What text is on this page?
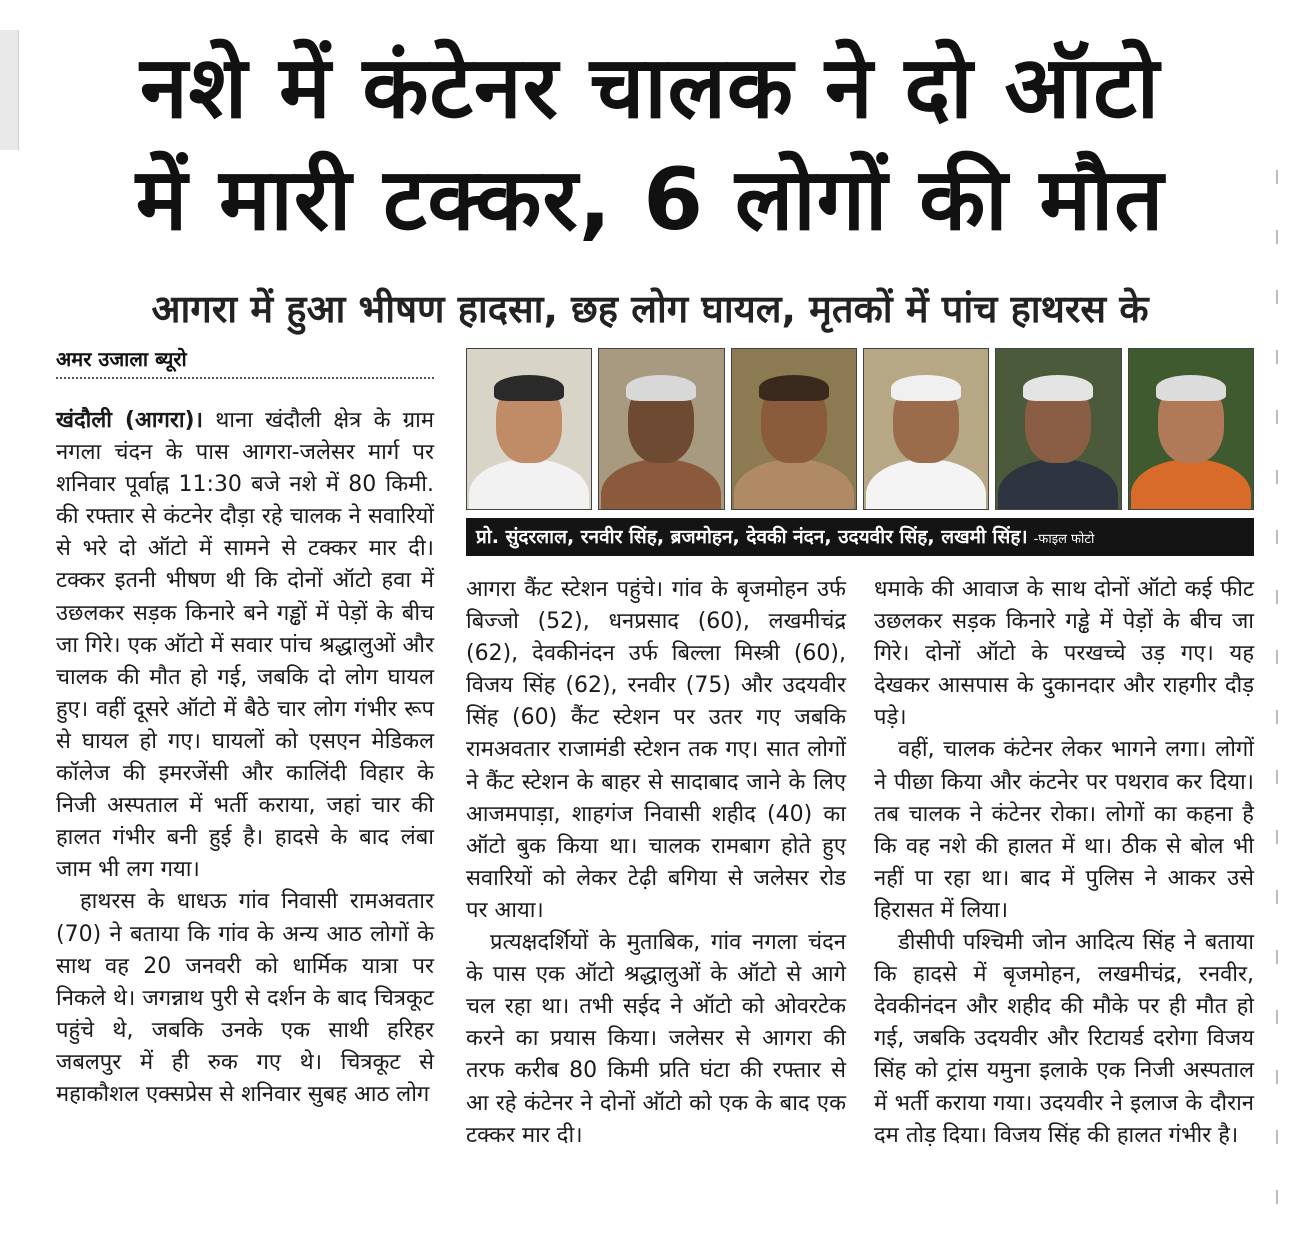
नशे में कंटेनर चालक ने दो ऑटो
में मारी टक्कर, 6 लोगों की मौत
आगरा में हुआ भीषण हादसा, छह लोग घायल, मृतकों में पांच हाथरस के
अमर उजाला ब्यूरो
प्रो. सुंदरलाल, रनवीर सिंह, ब्रजमोहन, देवकी नंदन, उदयवीर सिंह, लखमी सिंह। -फाइल फोटो

खंदौली (आगरा)। थाना खंदौली क्षेत्र के ग्राम नगला चंदन के पास आगरा-जलेसर मार्ग पर शनिवार पूर्वाह्न 11:30 बजे नशे में 80 किमी. की रफ्तार से कंटनेर दौड़ा रहे चालक ने सवारियों से भरे दो ऑटो में सामने से टक्कर मार दी। टक्कर इतनी भीषण थी कि दोनों ऑटो हवा में उछलकर सड़क किनारे बने गड्ढों में पेड़ों के बीच जा गिरे। एक ऑटो में सवार पांच श्रद्धालुओं और चालक की मौत हो गई, जबकि दो लोग घायल हुए। वहीं दूसरे ऑटो में बैठे चार लोग गंभीर रूप से घायल हो गए। घायलों को एसएन मेडिकल कॉलेज की इमरजेंसी और कालिंदी विहार के निजी अस्पताल में भर्ती कराया, जहां चार की हालत गंभीर बनी हुई है। हादसे के बाद लंबा जाम भी लग गया।

हाथरस के धाधऊ गांव निवासी रामअवतार (70) ने बताया कि गांव के अन्य आठ लोगों के साथ वह 20 जनवरी को धार्मिक यात्रा पर निकले थे। जगन्नाथ पुरी से दर्शन के बाद चित्रकूट पहुंचे थे, जबकि उनके एक साथी हरिहर जबलपुर में ही रुक गए थे। चित्रकूट से महाकौशल एक्सप्रेस से शनिवार सुबह आठ लोग

आगरा कैंट स्टेशन पहुंचे। गांव के बृजमोहन उर्फ बिज्जो (52), धनप्रसाद (60), लखमीचंद्र (62), देवकीनंदन उर्फ बिल्ला मिस्त्री (60), विजय सिंह (62), रनवीर (75) और उदयवीर सिंह (60) कैंट स्टेशन पर उतर गए जबकि रामअवतार राजामंडी स्टेशन तक गए। सात लोगों ने कैंट स्टेशन के बाहर से सादाबाद जाने के लिए आजमपाड़ा, शाहगंज निवासी शहीद (40) का ऑटो बुक किया था। चालक रामबाग होते हुए सवारियों को लेकर टेढ़ी बगिया से जलेसर रोड पर आया।

प्रत्यक्षदर्शियों के मुताबिक, गांव नगला चंदन के पास एक ऑटो श्रद्धालुओं के ऑटो से आगे चल रहा था। तभी सईद ने ऑटो को ओवरटेक करने का प्रयास किया। जलेसर से आगरा की तरफ करीब 80 किमी प्रति घंटा की रफ्तार से आ रहे कंटेनर ने दोनों ऑटो को एक के बाद एक टक्कर मार दी।

धमाके की आवाज के साथ दोनों ऑटो कई फीट उछलकर सड़क किनारे गड्ढे में पेड़ों के बीच जा गिरे। दोनों ऑटो के परखच्चे उड़ गए। यह देखकर आसपास के दुकानदार और राहगीर दौड़ पड़े।

वहीं, चालक कंटेनर लेकर भागने लगा। लोगों ने पीछा किया और कंटनेर पर पथराव कर दिया। तब चालक ने कंटेनर रोका। लोगों का कहना है कि वह नशे की हालत में था। ठीक से बोल भी नहीं पा रहा था। बाद में पुलिस ने आकर उसे हिरासत में लिया।

डीसीपी पश्चिमी जोन आदित्य सिंह ने बताया कि हादसे में बृजमोहन, लखमीचंद्र, रनवीर, देवकीनंदन और शहीद की मौके पर ही मौत हो गई, जबकि उदयवीर और रिटायर्ड दरोगा विजय सिंह को ट्रांस यमुना इलाके एक निजी अस्पताल में भर्ती कराया गया। उदयवीर ने इलाज के दौरान दम तोड़ दिया। विजय सिंह की हालत गंभीर है।
